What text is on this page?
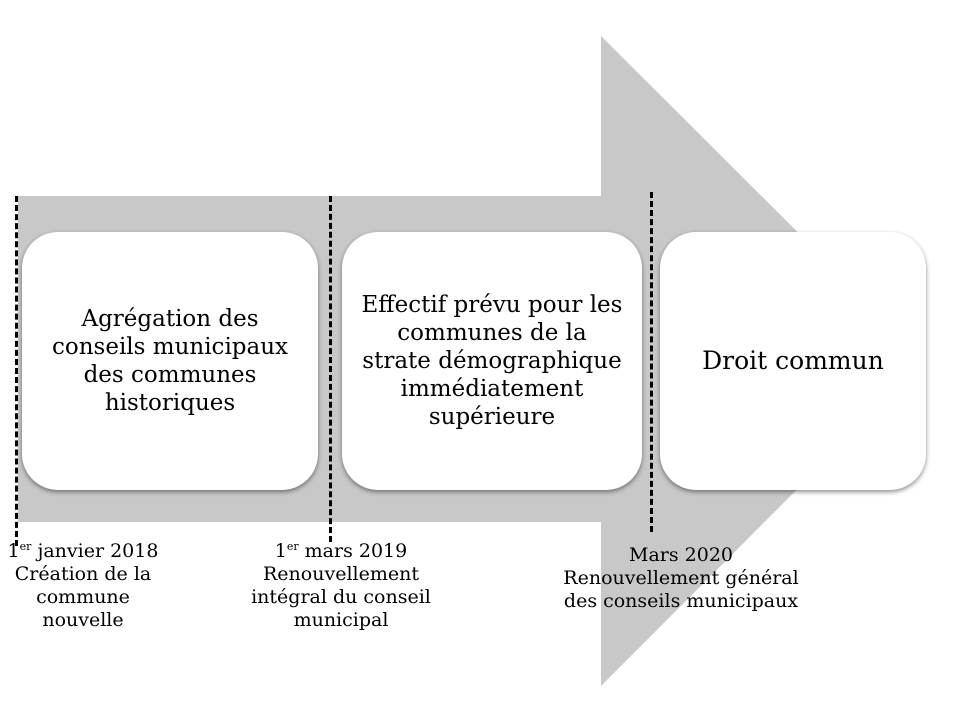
Agrégation des conseils municipaux des communes historiques
Effectif prévu pour les communes de la strate démographique immédiatement supérieure
Droit commun
1er janvier 2018
Création de la
commune
nouvelle
1er mars 2019
Renouvellement
intégral du conseil
municipal
Mars 2020
Renouvellement général
des conseils municipaux
